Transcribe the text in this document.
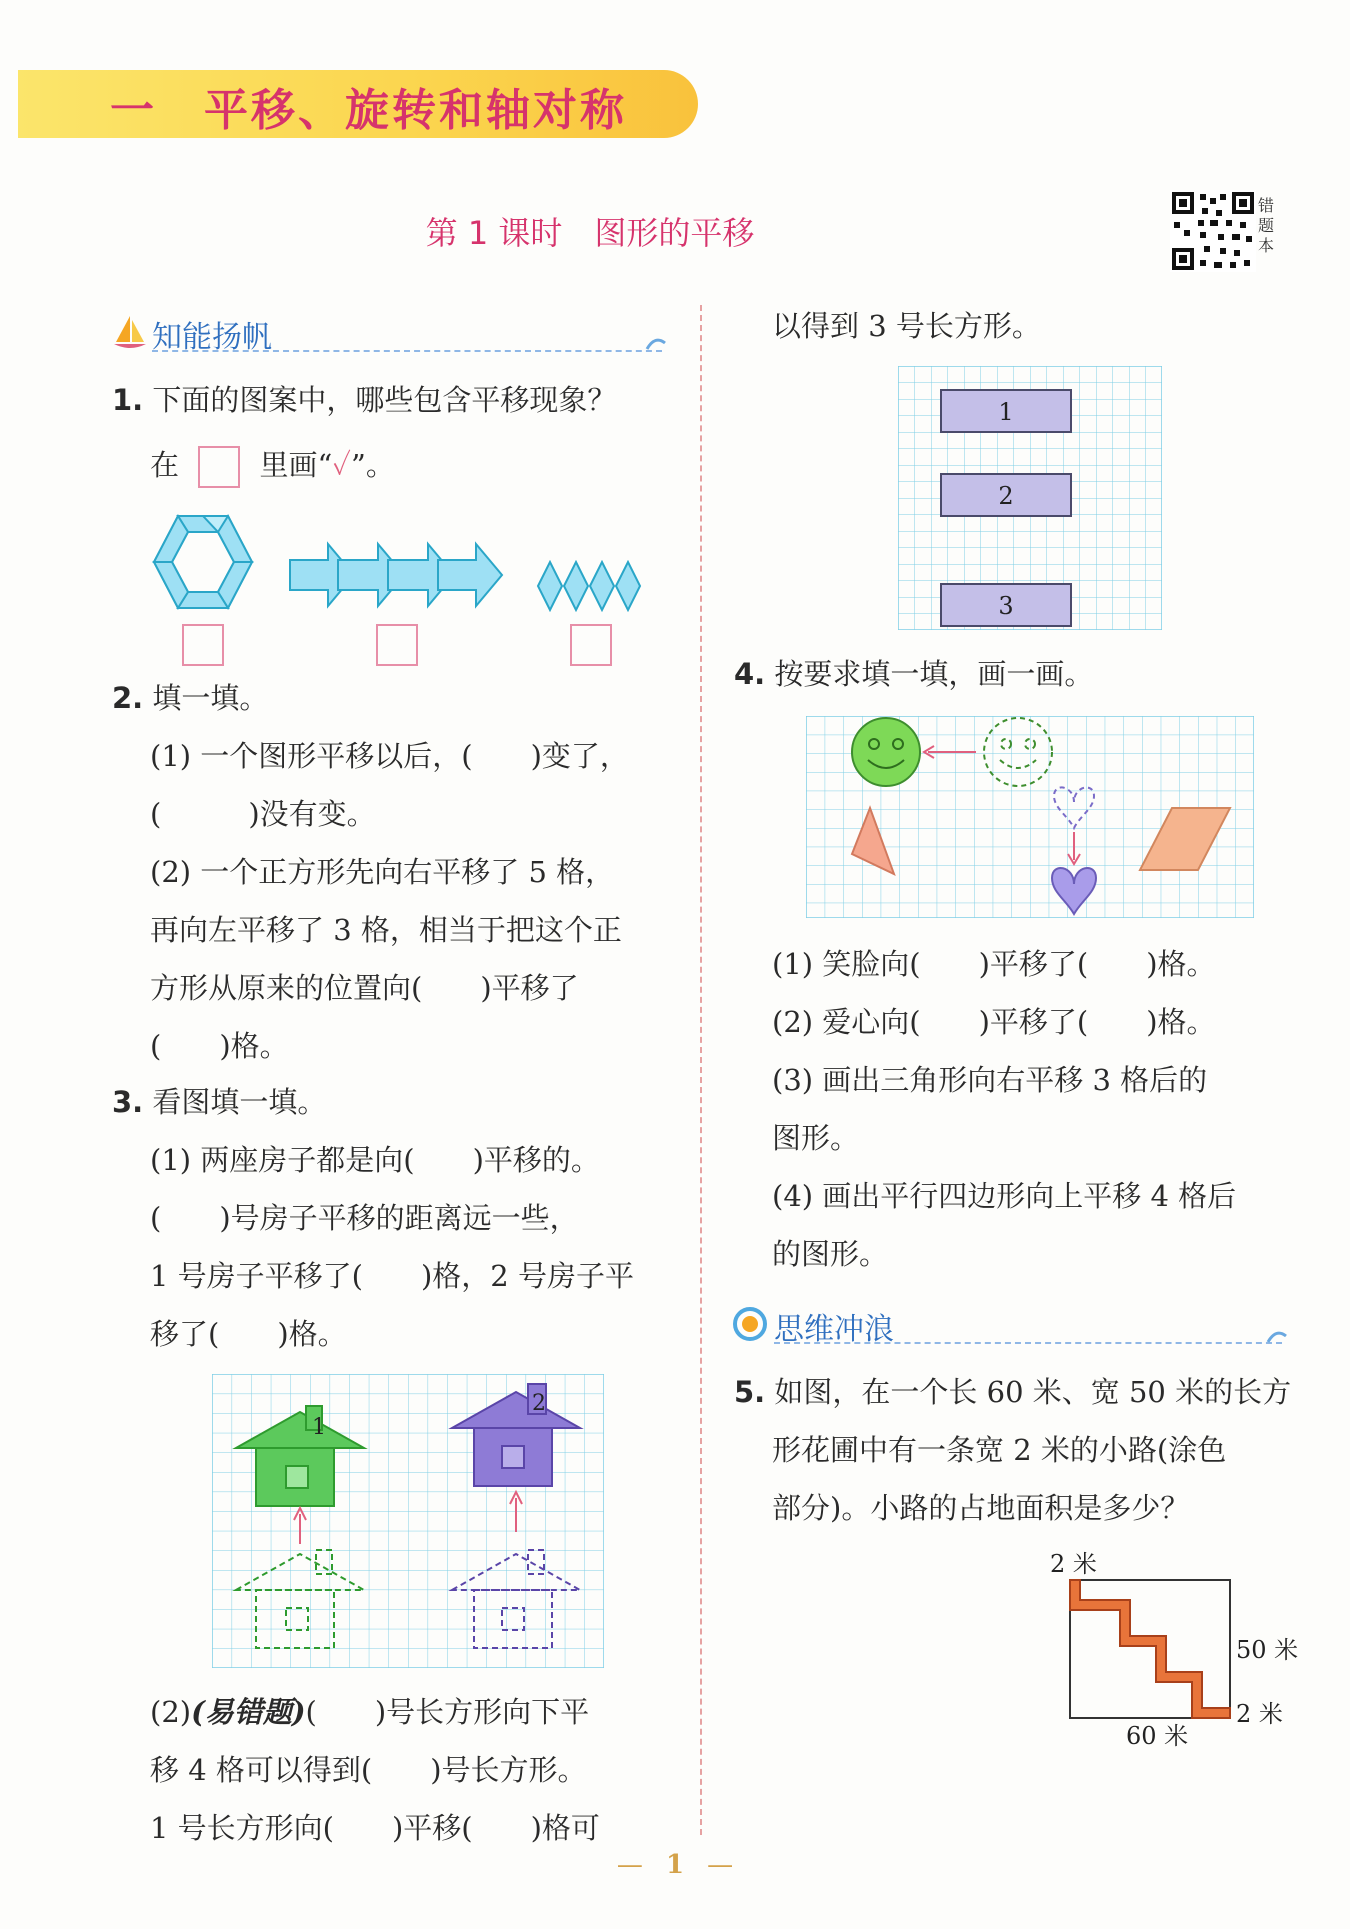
一　平移、旋转和轴对称
第 1 课时　图形的平移
错题本
知能扬帆
1. 下面的图案中，哪些包含平移现象？
在	里画“✓”。
2. 填一填。
(1) 一个图形平移以后，(　　)变了，
(　　　)没有变。
(2) 一个正方形先向右平移了 5 格，
再向左平移了 3 格，相当于把这个正
方形从原来的位置向(　　)平移了
(　　)格。
3. 看图填一填。
(1) 两座房子都是向(　　)平移的。
(　　)号房子平移的距离远一些，
1 号房子平移了(　　)格，2 号房子平
移了(　　)格。
1
2
(2)(易错题)(　　)号长方形向下平
移 4 格可以得到(　　)号长方形。
1 号长方形向(　　)平移(　　)格可
以得到 3 号长方形。
1
2
3
4. 按要求填一填，画一画。
(1) 笑脸向(　　)平移了(　　)格。
(2) 爱心向(　　)平移了(　　)格。
(3) 画出三角形向右平移 3 格后的
图形。
(4) 画出平行四边形向上平移 4 格后
的图形。
思维冲浪
5. 如图，在一个长 60 米、宽 50 米的长方
形花圃中有一条宽 2 米的小路(涂色
部分)。小路的占地面积是多少？
2 米
50 米
2 米
60 米
— 1 —
